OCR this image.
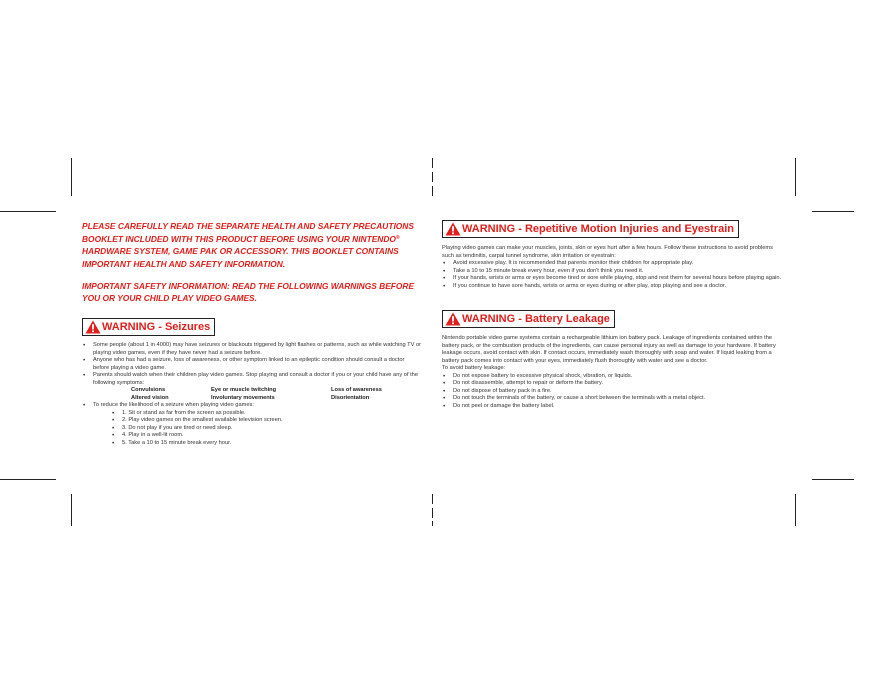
PLEASE CAREFULLY READ THE SEPARATE HEALTH AND SAFETY PRECAUTIONS BOOKLET INCLUDED WITH THIS PRODUCT BEFORE USING YOUR NINTENDO® HARDWARE SYSTEM, GAME PAK OR ACCESSORY. THIS BOOKLET CONTAINS IMPORTANT HEALTH AND SAFETY INFORMATION.

IMPORTANT SAFETY INFORMATION: READ THE FOLLOWING WARNINGS BEFORE YOU OR YOUR CHILD PLAY VIDEO GAMES.

WARNING - Seizures
• Some people (about 1 in 4000) may have seizures or blackouts triggered by light flashes or patterns, such as while watching TV or playing video games, even if they have never had a seizure before.
• Anyone who has had a seizure, loss of awareness, or other symptom linked to an epileptic condition should consult a doctor before playing a video game.
• Parents should watch when their children play video games. Stop playing and consult a doctor if you or your child have any of the following symptoms:
Convulsions	Eye or muscle twitching	Loss of awareness
Altered vision	Involuntary movements	Disorientation
• To reduce the likelihood of a seizure when playing video games:
• 1. Sit or stand as far from the screen as possible.
• 2. Play video games on the smallest available television screen.
• 3. Do not play if you are tired or need sleep.
• 4. Play in a well-lit room.
• 5. Take a 10 to 15 minute break every hour.
WARNING - Repetitive Motion Injuries and Eyestrain

Playing video games can make your muscles, joints, skin or eyes hurt after a few hours. Follow these instructions to avoid problems such as tendinitis, carpal tunnel syndrome, skin irritation or eyestrain:

• Avoid excessive play. It is recommended that parents monitor their children for appropriate play.
• Take a 10 to 15 minute break every hour, even if you don't think you need it.
• If your hands, wrists or arms or eyes become tired or sore while playing, stop and rest them for several hours before playing again.
• If you continue to have sore hands, wrists or arms or eyes during or after play, stop playing and see a doctor.
WARNING - Battery Leakage

Nintendo portable video game systems contain a rechargeable lithium ion battery pack. Leakage of ingredients contained within the battery pack, or the combustion products of the ingredients, can cause personal injury as well as damage to your hardware. If battery leakage occurs, avoid contact with skin. If contact occurs, immediately wash thoroughly with soap and water. If liquid leaking from a battery pack comes into contact with your eyes, immediately flush thoroughly with water and see a doctor.

To avoid battery leakage:

• Do not expose battery to excessive physical shock, vibration, or liquids.
• Do not disassemble, attempt to repair or deform the battery.
• Do not dispose of battery pack in a fire.
• Do not touch the terminals of the battery, or cause a short between the terminals with a metal object.
• Do not peel or damage the battery label.
